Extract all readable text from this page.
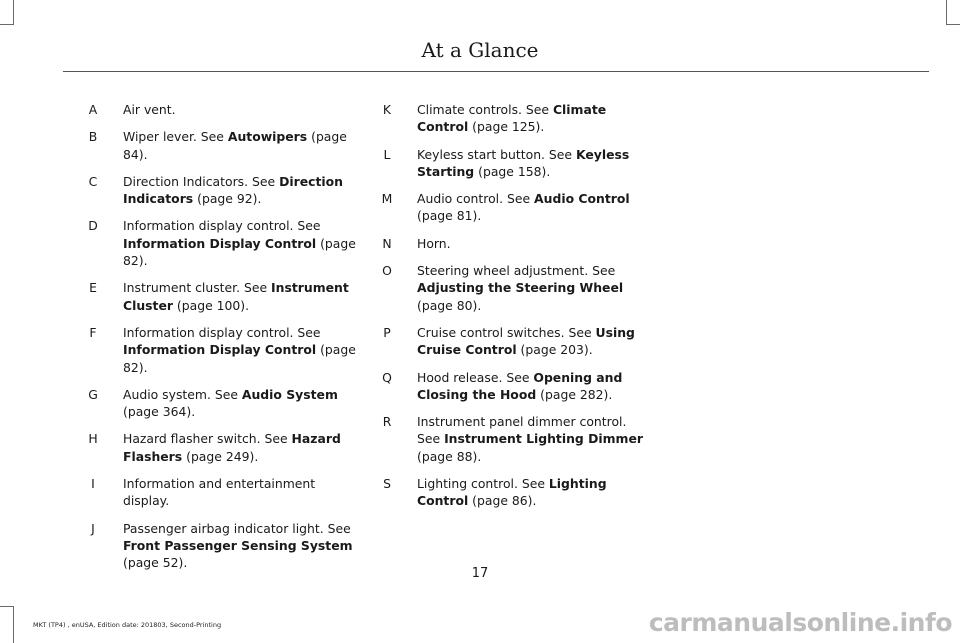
At a Glance
A	Air vent.
B	Wiper lever. See Autowipers (page 84).
C	Direction Indicators. See Direction Indicators (page 92).
D	Information display control. See Information Display Control (page 82).
E	Instrument cluster. See Instrument Cluster (page 100).
F	Information display control. See Information Display Control (page 82).
G	Audio system. See Audio System (page 364).
H	Hazard flasher switch. See Hazard Flashers (page 249).
I	Information and entertainment display.
J	Passenger airbag indicator light. See Front Passenger Sensing System (page 52).
K	Climate controls. See Climate Control (page 125).
L	Keyless start button. See Keyless Starting (page 158).
M	Audio control. See Audio Control (page 81).
N	Horn.
O	Steering wheel adjustment. See Adjusting the Steering Wheel (page 80).
P	Cruise control switches. See Using Cruise Control (page 203).
Q	Hood release. See Opening and Closing the Hood (page 282).
R	Instrument panel dimmer control. See Instrument Lighting Dimmer (page 88).
S	Lighting control. See Lighting Control (page 86).
17
MKT (TP4) , enUSA, Edition date: 201803, Second-Printing	carmanualsonline.info
